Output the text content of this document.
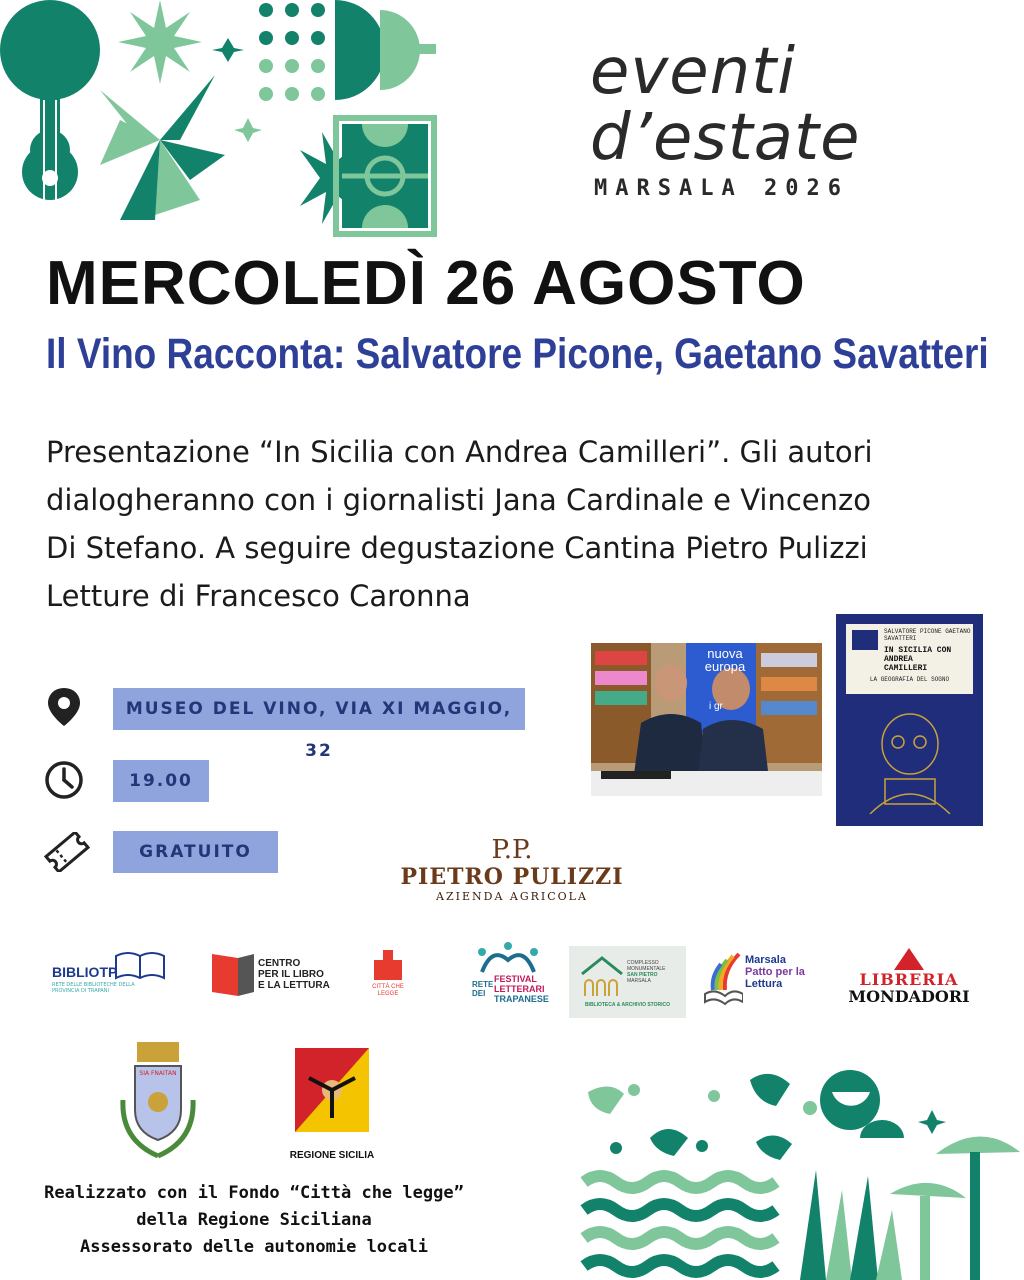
eventi
d’estate
MARSALA 2026
MERCOLEDÌ 26 AGOSTO
Il Vino Racconta: Salvatore Picone, Gaetano Savatteri
Presentazione “In Sicilia con Andrea Camilleri”. Gli autori
dialogheranno con i giornalisti Jana Cardinale e Vincenzo
Di Stefano. A seguire degustazione Cantina Pietro Pulizzi
Letture di Francesco Caronna
MUSEO DEL VINO, VIA XI MAGGIO, 32
19.00
GRATUITO
nuova europa
i gr
SALVATORE PICONE GAETANO SAVATTERI
IN SICILIA CON
ANDREA
CAMILLERI
LA GEOGRAFIA DEL SOGNO
P.P.
PIETRO PULIZZI
AZIENDA AGRICOLA
BIBLIOTP
RETE DELLE BIBLIOTECHE DELLA PROVINCIA DI TRAPANI
CENTRO
PER IL LIBRO
E LA LETTURA	CITTÀ CHE LEGGE
RETE
DEI
FESTIVAL
LETTERARI
TRAPANESE
COMPLESSO
MONUMENTALE
SAN PIETRO
MARSALA
BIBLIOTECA & ARCHIVIO STORICO
Marsala
Patto per la
Lettura	LIBRERIA
MONDADORI
SIA FNAITAN
REGIONE SICILIA
Realizzato con il Fondo “Città che legge”
della Regione Siciliana
Assessorato delle autonomie locali
